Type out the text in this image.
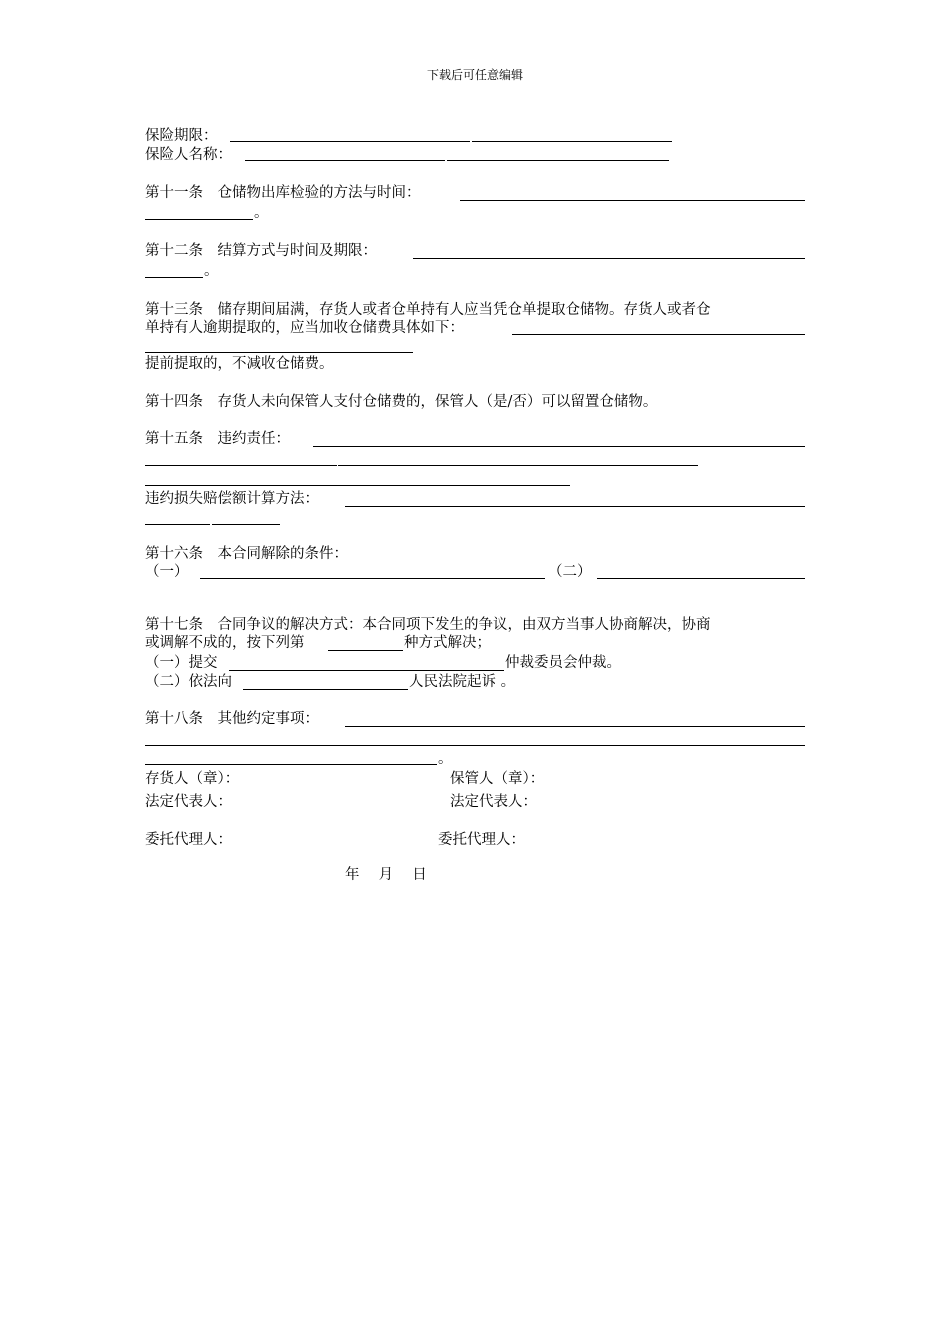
下载后可任意编辑
保险期限：
保险人名称：
第十一条　仓储物出库检验的方法与时间：
。
第十二条　结算方式与时间及期限：
。
第十三条　储存期间届满，存货人或者仓单持有人应当凭仓单提取仓储物。存货人或者仓
单持有人逾期提取的，应当加收仓储费具体如下：
提前提取的，不减收仓储费。
第十四条　存货人未向保管人支付仓储费的，保管人（是/否）可以留置仓储物。
第十五条　违约责任：
违约损失赔偿额计算方法：
第十六条　本合同解除的条件：
（一）	（二）
第十七条　合同争议的解决方式：本合同项下发生的争议，由双方当事人协商解决，协商
或调解不成的，按下列第	种方式解决；
（一）提交	仲裁委员会仲裁。
（二）依法向	人民法院起诉 。
第十八条　其他约定事项：
。
存货人（章）：	保管人（章）：
法定代表人：	法定代表人：
委托代理人：	委托代理人：
年　 月　 日
